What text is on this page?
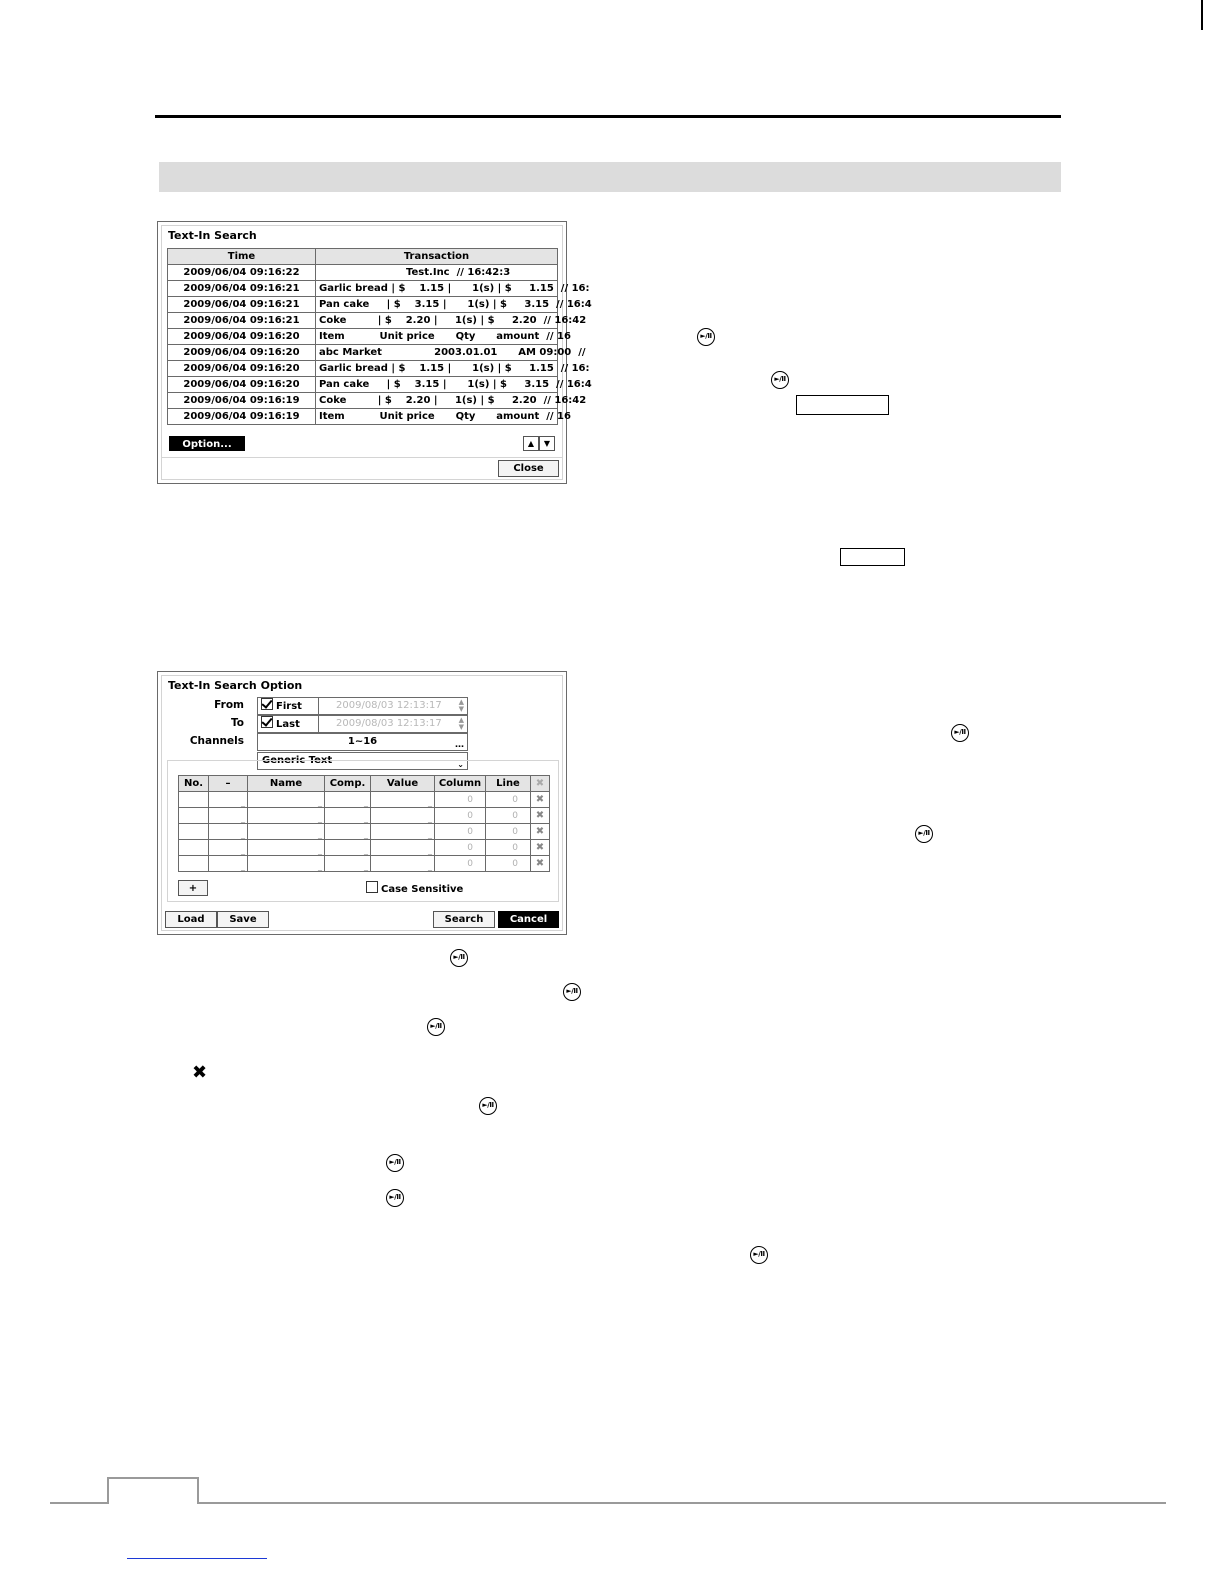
Text-In Search
Time	Transaction
2009/06/04 09:16:22	Test.Inc  // 16:42:3

2009/06/04 09:16:21	Garlic bread | $    1.15 |      1(s) | $     1.15  // 16:

2009/06/04 09:16:21	Pan cake     | $    3.15 |      1(s) | $     3.15  // 16:4

2009/06/04 09:16:21	Coke         | $    2.20 |     1(s) | $     2.20  // 16:42

2009/06/04 09:16:20	Item          Unit price      Qty      amount  // 16

2009/06/04 09:16:20	abc Market               2003.01.01      AM 09:00  //

2009/06/04 09:16:20	Garlic bread | $    1.15 |      1(s) | $     1.15  // 16:

2009/06/04 09:16:20	Pan cake     | $    3.15 |      1(s) | $     3.15  // 16:4

2009/06/04 09:16:19	Coke         | $    2.20 |     1(s) | $     2.20  // 16:42

2009/06/04 09:16:19	Item          Unit price      Qty      amount  // 16
Option...	▲	▼
Close
Text-In Search Option
From	First	2009/08/03 12:13:17 ▲
▼
To	Last	2009/08/03 12:13:17 ▲
▼
Channels	1~16	…
Generic Text	⌄
No.	–	Name	Comp.	Value	Column	Line	✖

	_	_	_	_	0	0	✖

	_	_	_	_	0	0	✖

	_	_	_	_	0	0	✖

	_	_	_	_	0	0	✖

	_	_	_	_	0	0	✖
+	Case Sensitive
Load	Save	Search	Cancel
►/II
►/II
►/II
►/II
►/II
►/II
►/II
✖
►/II
►/II
►/II
►/II
